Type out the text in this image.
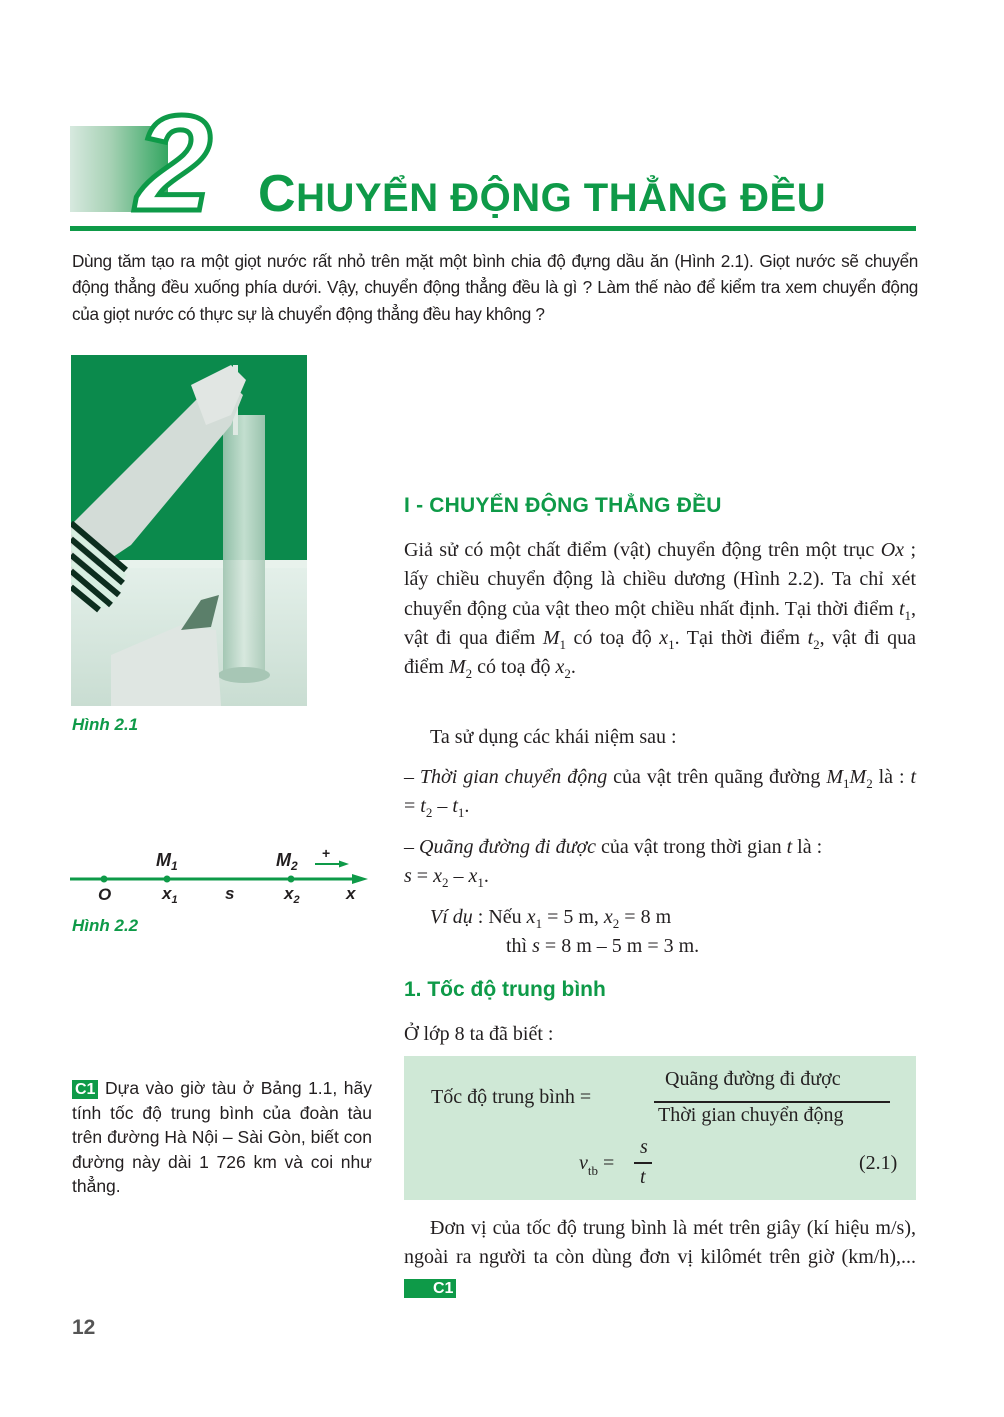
2 CHUYỂN ĐỘNG THẲNG ĐỀU
Dùng tăm tạo ra một giọt nước rất nhỏ trên mặt một bình chia độ đựng dầu ăn (Hình 2.1). Giọt nước sẽ chuyển động thẳng đều xuống phía dưới. Vậy, chuyển động thẳng đều là gì ? Làm thế nào để kiểm tra xem chuyển động của giọt nước có thực sự là chuyển động thẳng đều hay không ?
Hình 2.1
$M_1$	$M_2$
+
O	$x_1$	s	$x_2$	x
Hình 2.2
C1 Dựa vào giờ tàu ở Bảng 1.1, hãy tính tốc độ trung bình của đoàn tàu trên đường Hà Nội – Sài Gòn, biết con đường này dài 1 726 km và coi như thẳng.
I - CHUYỂN ĐỘNG THẲNG ĐỀU
Giả sử có một chất điểm (vật) chuyển động trên một trục Ox ; lấy chiều chuyển động là chiều dương (Hình 2.2). Ta chỉ xét chuyển động của vật theo một chiều nhất định. Tại thời điểm $t_1$, vật đi qua điểm $M_1$ có toạ độ $x_1$. Tại thời điểm $t_2$, vật đi qua điểm $M_2$ có toạ độ $x_2$.
Ta sử dụng các khái niệm sau :
– Thời gian chuyển động của vật trên quãng đường $M_1M_2$ là : $t = t_2 - t_1$.
– Quãng đường đi được của vật trong thời gian t là :
$s = x_2 - x_1$.
Ví dụ : Nếu $x_1 = 5$ m, $x_2 = 8$ m
thì s = 8 m – 5 m = 3 m.
1. Tốc độ trung bình
Ở lớp 8 ta đã biết :
Tốc độ trung bình =
Quãng đường đi được
Thời gian chuyển động
$v_{tb}$ =
s
t
(2.1)
Đơn vị của tốc độ trung bình là mét trên giây (kí hiệu m/s), ngoài ra người ta còn dùng đơn vị kilômét trên giờ (km/h),... C1
12
